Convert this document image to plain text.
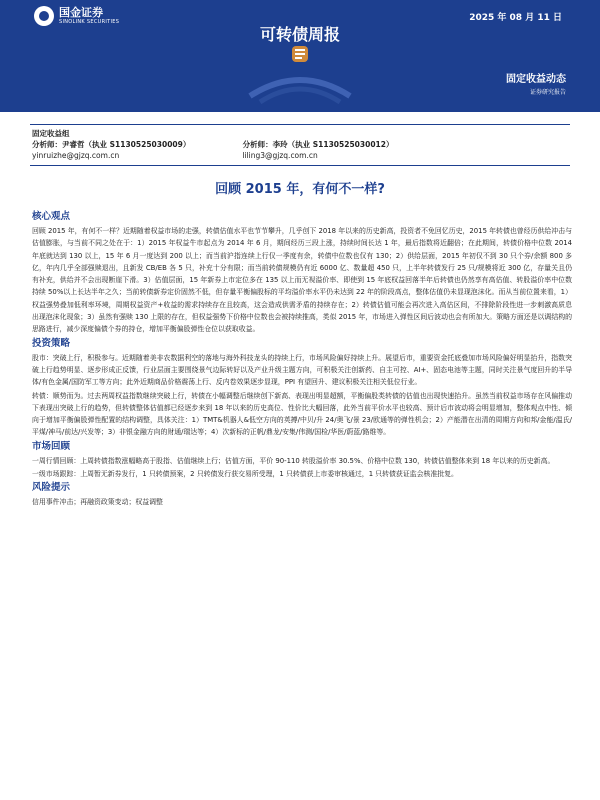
国金证券
SINOLINK SECURITIES	2025 年 08 月 11 日
可转债周报
固定收益动态
证券研究报告
固定收益组
分析师：尹睿哲（执业 S1130525030009）	分析师：李玲（执业 S1130525030012）
yinruizhe@gjzq.com.cn	liling3@gjzq.com.cn
回顾 2015 年，有何不一样?
核心观点

回顾 2015 年，有何不一样？近期随着权益市场的走强，转债估值水平也节节攀升，几乎创下 2018 年以来的历史新高，投资者不免回忆历史，2015 年转债也曾经历供给冲击与估值膨胀，与当前不同之处在于：1）2015 年权益牛市起点为 2014 年 6 月，期间经历三段上涨，持续时间长达 1 年，最后指数将近翻倍；在此期间，转债价格中位数 2014 年底就达到 130 以上，15 年 6 月一度达到 200 以上；而当前沪指连续上行仅一季度有余，转债中位数也仅有 130；2）供给层面，2015 年初仅不到 30 只个券/余额 800 多亿，年内几乎全部强赎退出，且新发 CB/EB 各 5 只，补充十分有限；而当前转债规模仍有近 6000 亿、数量超 450 只，上半年转债发行 25 只/规模将近 300 亿，存量关且仍有补充，供给并不会出现断崖下滑。3）估值层面，15 年新券上市定位多在 135 以上而无视溢价率、即使到 15 年底权益回落半年后转债也仍然享有高估值、转股溢价率中位数持续 50%以上长达半年之久；当前转债新券定价固然不低，但存量平衡偏股标的平均溢价率水平仍未达到 22 年的阶段高点，整体估值仍未显现泡沫化。而从当前位置来看，1）权益强势叠加低利率环境，周期权益资产+收益的需求持续存在且较高，这会造成供需矛盾的持续存在；2）转债估值可能会再次进入高估区间，不排除阶段性进一步刺激高质息出现泡沫化现象；3）虽然有强赎 130 上限的存在，但权益强势下价格中位数也会被持续推高，类似 2015 年，市场进入弹性区间后波动也会有所加大。策略方面还是以调结构的思路进行，减少深度偏债个券的持仓，增加平衡偏股弹性仓位以获取收益。

投资策略

股市：突破上行，积极参与。近期随着美非农数据利空的落地与海外科技龙头的持续上行，市场风险偏好持续上升。展望后市，重要资金托底叠加市场风险偏好明显抬升，指数突破上行趋势明显、逐步形成正反馈，行业层面主要围绕景气边际转好以及产业升级主题方向，可积极关注创新药、自主可控、AI+、固态电池等主题，同时关注景气度回升的半导体/有色金属/国防军工等方向；此外近期商品价格震荡上行、反内卷效果逐步显现，PPI 有望回升、建议积极关注相关低位行业。

转债：顺势而为。过去两周权益指数继续突破上行，转债在小幅调整后继续创下新高、表现出明显超额，平衡偏股类转债的估值也出现快速抬升。虽然当前权益市场存在风偏推动下表现出突破上行的趋势，但转债整体估值都已经逐步来到 18 年以来的历史高位、性价比大幅回落，此外当前平价水平也较高、预计后市波动将会明显增加，整体观点中性、倾向于增加平衡偏股弹性配置的结构调整，具体关注：1）TMT&机器人&低空方向的英搏/中贝/升 24/奥飞/景 23/欧通等的弹性机会；2）产能潜在出清的周期方向和邦/金能/温氏/平煤/神马/前达/兴发等；3）非银金融方向的财通/瑞达等；4）次新标的正帆/鼎龙/安集/伟测/国检/华医/蔚蓝/路维等。

市场回顾

一周行情回顾：上周转债指数涨幅略高于股指、估值继续上行；估值方面，平价 90-110 转股溢价率 30.5%、价格中位数 130，转债估值整体来到 18 年以来的历史新高。

一级市场跟踪：上周暂无新券发行，1 只转债预案，2 只转债发行获交易所受理，1 只转债获上市委审核通过，1 只转债获证监会核准批复。

风险提示

信用事件冲击；再融资政策变动；权益调整
